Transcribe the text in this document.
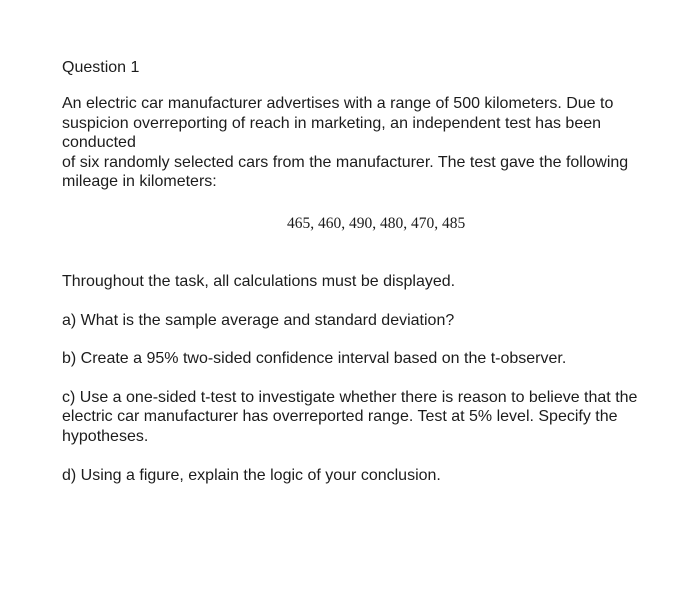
Question 1

An electric car manufacturer advertises with a range of 500 kilometers. Due to
suspicion overreporting of reach in marketing, an independent test has been
conducted
of six randomly selected cars from the manufacturer. The test gave the following
mileage in kilometers:

465, 460, 490, 480, 470, 485

Throughout the task, all calculations must be displayed.

a) What is the sample average and standard deviation?

b) Create a 95% two-sided confidence interval based on the t-observer.

c) Use a one-sided t-test to investigate whether there is reason to believe that the
electric car manufacturer has overreported range. Test at 5% level. Specify the
hypotheses.

d) Using a figure, explain the logic of your conclusion.
